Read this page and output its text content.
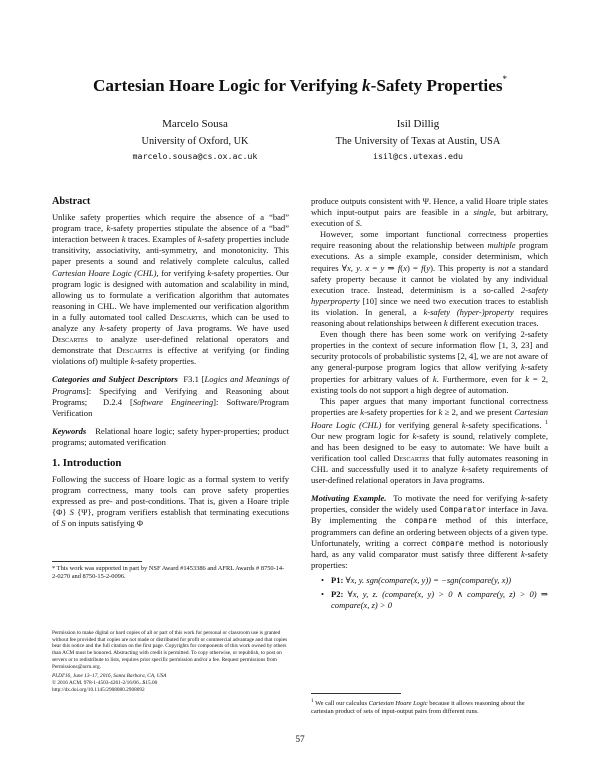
Cartesian Hoare Logic for Verifying k-Safety Properties*
Marcelo Sousa
University of Oxford, UK
marcelo.sousa@cs.ox.ac.uk
Isil Dillig
The University of Texas at Austin, USA
isil@cs.utexas.edu
Abstract

Unlike safety properties which require the absence of a “bad” program trace, k-safety properties stipulate the absence of a “bad” interaction between k traces. Examples of k-safety properties include transitivity, associativity, anti-symmetry, and monotonicity. This paper presents a sound and relatively complete calculus, called Cartesian Hoare Logic (CHL), for verifying k-safety properties. Our program logic is designed with automation and scalability in mind, allowing us to formulate a verification algorithm that automates reasoning in CHL. We have implemented our verification algorithm in a fully automated tool called Descartes, which can be used to analyze any k-safety property of Java programs. We have used Descartes to analyze user-defined relational operators and demonstrate that Descartes is effective at verifying (or finding violations of) multiple k-safety properties.

Categories and Subject Descriptors  F3.1 [Logics and Meanings of Programs]: Specifying and Verifying and Reasoning about Programs;  D.2.4 [Software Engineering]: Software/Program Verification

Keywords Relational hoare logic; safety hyper-properties; product programs; automated verification

1. Introduction

Following the success of Hoare logic as a formal system to verify program correctness, many tools can prove safety properties expressed as pre- and post-conditions. That is, given a Hoare triple {Φ} S {Ψ}, program verifiers establish that terminating executions of S on inputs satisfying Φ

* This work was supported in part by NSF Award #1453386 and AFRL Awards # 8750-14-2-0270 and 8750-15-2-0096.
Permission to make digital or hard copies of all or part of this work for personal or classroom use is granted without fee provided that copies are not made or distributed for profit or commercial advantage and that copies bear this notice and the full citation on the first page. Copyrights for components of this work owned by others than ACM must be honored. Abstracting with credit is permitted. To copy otherwise, or republish, to post on servers or to redistribute to lists, requires prior specific permission and/or a fee. Request permissions from Permissions@acm.org.
PLDI'16, June 13–17, 2016, Santa Barbara, CA, USA
© 2016 ACM. 978-1-4503-4261-2/16/06...$15.00
http://dx.doi.org/10.1145/2908080.2908092

produce outputs consistent with Ψ. Hence, a valid Hoare triple states which input-output pairs are feasible in a single, but arbitrary, execution of S.

However, some important functional correctness properties require reasoning about the relationship between multiple program executions. As a simple example, consider determinism, which requires ∀x, y. x = y ⇒ f(x) = f(y). This property is not a standard safety property because it cannot be violated by any individual execution trace. Instead, determinism is a so-called 2-safety hyperproperty [10] since we need two execution traces to establish its violation. In general, a k-safety (hyper-)property requires reasoning about relationships between k different execution traces.

Even though there has been some work on verifying 2-safety properties in the context of secure information flow [1, 3, 23] and security protocols of probabilistic systems [2, 4], we are not aware of any general-purpose program logics that allow verifying k-safety properties for arbitrary values of k. Furthermore, even for k = 2, existing tools do not support a high degree of automation.

This paper argues that many important functional correctness properties are k-safety properties for k ≥ 2, and we present Cartesian Hoare Logic (CHL) for verifying general k-safety specifications. $^1$ Our new program logic for k-safety is sound, relatively complete, and has been designed to be easy to automate: We have built a verification tool called Descartes that fully automates reasoning in CHL and successfully used it to analyze k-safety requirements of user-defined relational operators in Java programs.

Motivating Example.  To motivate the need for verifying k-safety properties, consider the widely used Comparator interface in Java. By implementing the compare method of this interface, programmers can define an ordering between objects of a given type. Unfortunately, writing a correct compare method is notoriously hard, as any valid comparator must satisfy three different k-safety properties:

• P1: ∀x, y. sgn(compare(x, y)) = −sgn(compare(y, x))
• P2: ∀x, y, z. (compare(x, y) > 0 ∧ compare(y, z) > 0) ⇒ compare(x, z) > 0
$^1$ We call our calculus Cartesian Hoare Logic because it allows reasoning about the cartesian product of sets of input-output pairs from different runs.
57
